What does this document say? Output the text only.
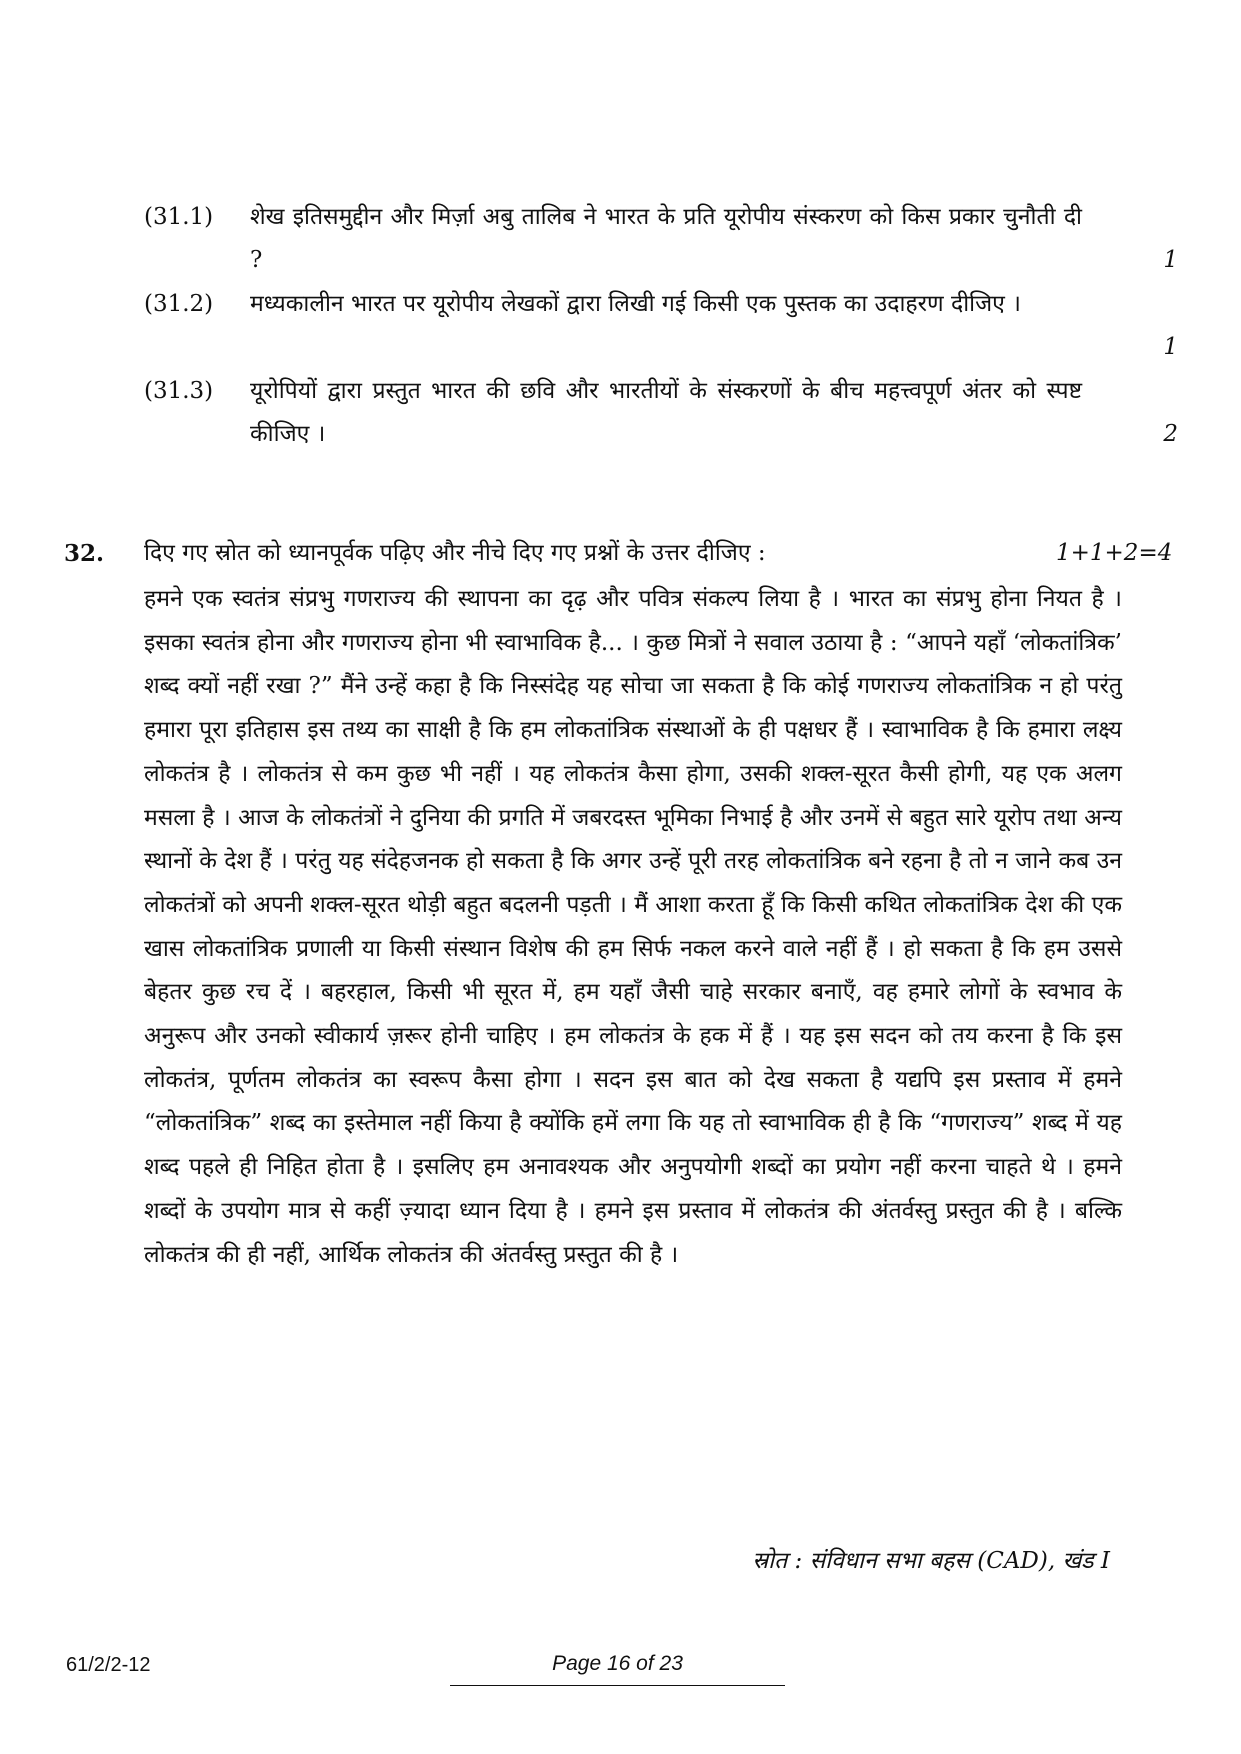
(31.1) शेख इतिसमुद्दीन और मिर्ज़ा अबु तालिब ने भारत के प्रति यूरोपीय संस्करण को किस प्रकार चुनौती दी ?	1
(31.2) मध्यकालीन भारत पर यूरोपीय लेखकों द्वारा लिखी गई किसी एक पुस्तक का उदाहरण दीजिए ।
1
(31.3) यूरोपियों द्वारा प्रस्तुत भारत की छवि और भारतीयों के संस्करणों के बीच महत्त्वपूर्ण अंतर को स्पष्ट कीजिए ।	2
32. दिए गए स्रोत को ध्यानपूर्वक पढ़िए और नीचे दिए गए प्रश्नों के उत्तर दीजिए :	1+1+2=4

हमने एक स्वतंत्र संप्रभु गणराज्य की स्थापना का दृढ़ और पवित्र संकल्प लिया है । भारत का संप्रभु होना नियत है । इसका स्वतंत्र होना और गणराज्य होना भी स्वाभाविक है... । कुछ मित्रों ने सवाल उठाया है : “आपने यहाँ ‘लोकतांत्रिक’ शब्द क्यों नहीं रखा ?” मैंने उन्हें कहा है कि निस्संदेह यह सोचा जा सकता है कि कोई गणराज्य लोकतांत्रिक न हो परंतु हमारा पूरा इतिहास इस तथ्य का साक्षी है कि हम लोकतांत्रिक संस्थाओं के ही पक्षधर हैं । स्वाभाविक है कि हमारा लक्ष्य लोकतंत्र है । लोकतंत्र से कम कुछ भी नहीं । यह लोकतंत्र कैसा होगा, उसकी शक्ल-सूरत कैसी होगी, यह एक अलग मसला है । आज के लोकतंत्रों ने दुनिया की प्रगति में जबरदस्त भूमिका निभाई है और उनमें से बहुत सारे यूरोप तथा अन्य स्थानों के देश हैं । परंतु यह संदेहजनक हो सकता है कि अगर उन्हें पूरी तरह लोकतांत्रिक बने रहना है तो न जाने कब उन लोकतंत्रों को अपनी शक्ल-सूरत थोड़ी बहुत बदलनी पड़ती । मैं आशा करता हूँ कि किसी कथित लोकतांत्रिक देश की एक खास लोकतांत्रिक प्रणाली या किसी संस्थान विशेष की हम सिर्फ नकल करने वाले नहीं हैं । हो सकता है कि हम उससे बेहतर कुछ रच दें । बहरहाल, किसी भी सूरत में, हम यहाँ जैसी चाहे सरकार बनाएँ, वह हमारे लोगों के स्वभाव के अनुरूप और उनको स्वीकार्य ज़रूर होनी चाहिए । हम लोकतंत्र के हक में हैं । यह इस सदन को तय करना है कि इस लोकतंत्र, पूर्णतम लोकतंत्र का स्वरूप कैसा होगा । सदन इस बात को देख सकता है यद्यपि इस प्रस्ताव में हमने “लोकतांत्रिक” शब्द का इस्तेमाल नहीं किया है क्योंकि हमें लगा कि यह तो स्वाभाविक ही है कि “गणराज्य” शब्द में यह शब्द पहले ही निहित होता है । इसलिए हम अनावश्यक और अनुपयोगी शब्दों का प्रयोग नहीं करना चाहते थे । हमने शब्दों के उपयोग मात्र से कहीं ज़्यादा ध्यान दिया है । हमने इस प्रस्ताव में लोकतंत्र की अंतर्वस्तु प्रस्तुत की है । बल्कि लोकतंत्र की ही नहीं, आर्थिक लोकतंत्र की अंतर्वस्तु प्रस्तुत की है ।

स्रोत : संविधान सभा बहस (CAD), खंड I
61/2/2-12	Page 16 of 23
